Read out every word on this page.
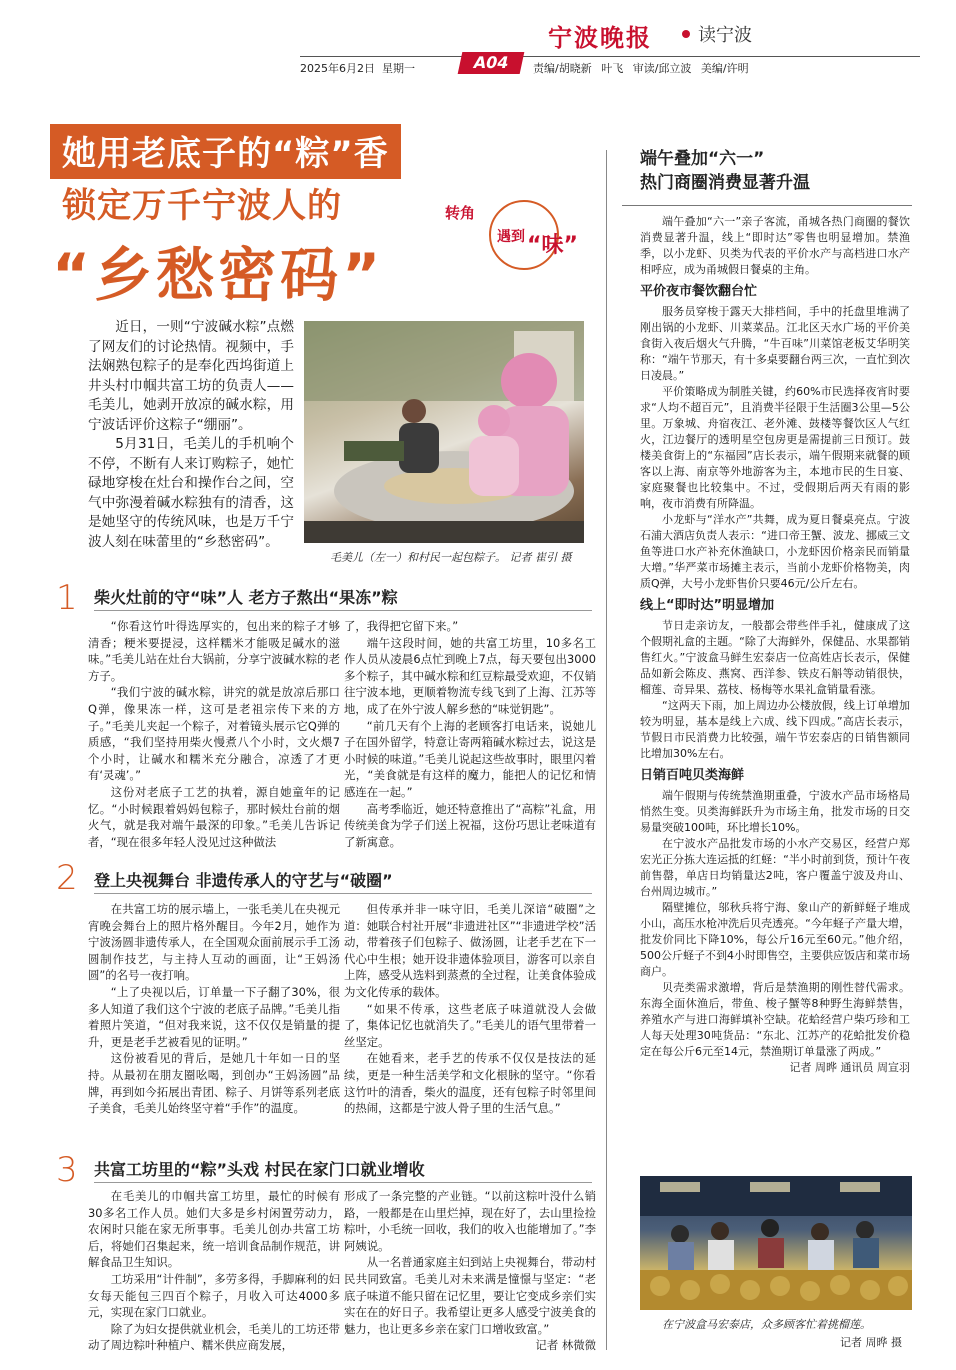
宁波晚报	读宁波
2025年6月2日 星期一	A04	责编/胡晓新 叶飞 审读/邱立波 美编/许明
她用老底子的“粽”香
锁定万千宁波人的
“乡愁密码”
转角
遇到 “味”

近日，一则“宁波碱水粽”点燃了网友们的讨论热情。视频中，手法娴熟包粽子的是奉化西坞街道上井头村巾帼共富工坊的负责人——毛美儿，她剥开放凉的碱水粽，用宁波话评价这粽子“绷丽”。

5月31日，毛美儿的手机响个不停，不断有人来订购粽子，她忙碌地穿梭在灶台和操作台之间，空气中弥漫着碱水粽独有的清香，这是她坚守的传统风味，也是万千宁波人刻在味蕾里的“乡愁密码”。

毛美儿（左一）和村民一起包粽子。 记者 崔引 摄
1 柴火灶前的守“味”人 老方子熬出“果冻”粽

“你看这竹叶得选厚实的，包出来的粽子才够清香；粳米要提浸，这样糯米才能吸足碱水的滋味。”毛美儿站在灶台大锅前，分享宁波碱水粽的老方子。

“我们宁波的碱水粽，讲究的就是放凉后那口Q弹，像果冻一样，这可是老祖宗传下来的方子。”毛美儿夹起一个粽子，对着镜头展示它Q弹的质感，“我们坚持用柴火慢煮八个小时，文火煨7个小时，让碱水和糯米充分融合，凉透了才更有‘灵魂’。”

这份对老底子工艺的执着，源自她童年的记忆。“小时候跟着妈妈包粽子，那时候灶台前的烟火气，就是我对端午最深的印象。”毛美儿告诉记者，“现在很多年轻人没见过这种做法

了，我得把它留下来。”

端午这段时间，她的共富工坊里，10多名工作人员从凌晨6点忙到晚上7点，每天要包出3000多个粽子，其中碱水粽和红豆粽最受欢迎，不仅销往宁波本地，更顺着物流专线飞到了上海、江苏等地，成了在外宁波人解乡愁的“味觉钥匙”。

“前几天有个上海的老顾客打电话来，说她儿子在国外留学，特意让寄两箱碱水粽过去，说这是小时候的味道。”毛美儿说起这些故事时，眼里闪着光，“美食就是有这样的魔力，能把人的记忆和情感连在一起。”

高考季临近，她还特意推出了“高粽”礼盒，用传统美食为学子们送上祝福，这份巧思让老味道有了新寓意。

2 登上央视舞台 非遗传承人的守艺与“破圈”

在共富工坊的展示墙上，一张毛美儿在央视元宵晚会舞台上的照片格外醒目。今年2月，她作为宁波汤圆非遗传承人，在全国观众面前展示手工汤圆制作技艺，与主持人互动的画面，让“王妈汤圆”的名号一夜打响。

“上了央视以后，订单量一下子翻了30%，很多人知道了我们这个宁波的老底子品牌。”毛美儿指着照片笑道，“但对我来说，这不仅仅是销量的提升，更是老手艺被看见的证明。”

这份被看见的背后，是她几十年如一日的坚持。从最初在朋友圈吆喝，到创办“王妈汤圆”品牌，再到如今拓展出青团、粽子、月饼等系列老底子美食，毛美儿始终坚守着“手作”的温度。

但传承并非一味守旧，毛美儿深谙“破圈”之道：她联合村社开展“非遗进社区”“非遗进学校”活动，带着孩子们包粽子、做汤圆，让老手艺在下一代心中生根；她开设非遗体验项目，游客可以亲自上阵，感受从选料到蒸煮的全过程，让美食体验成为文化传承的载体。

“如果不传承，这些老底子味道就没人会做了，集体记忆也就消失了。”毛美儿的语气里带着一丝坚定。

在她看来，老手艺的传承不仅仅是技法的延续，更是一种生活美学和文化根脉的坚守。“你看这竹叶的清香，柴火的温度，还有包粽子时邻里间的热闹，这都是宁波人骨子里的生活气息。”

3 共富工坊里的“粽”头戏 村民在家门口就业增收

在毛美儿的巾帼共富工坊里，最忙的时候有30多名工作人员。她们大多是乡村闲置劳动力，农闲时只能在家无所事事。毛美儿创办共富工坊后，将她们召集起来，统一培训食品制作规范，讲解食品卫生知识。

工坊采用“计件制”，多劳多得，手脚麻利的妇女每天能包三四百个粽子，月收入可达4000多元，实现在家门口就业。

除了为妇女提供就业机会，毛美儿的工坊还带动了周边粽叶种植户、糯米供应商发展，

形成了一条完整的产业链。“以前这粽叶没什么销路，一般都是在山里烂掉，现在好了，去山里捡捡粽叶，小毛统一回收，我们的收入也能增加了。”李阿姨说。

从一名普通家庭主妇到站上央视舞台，带动村民共同致富。毛美儿对未来满是憧憬与坚定：“老底子味道不能只留在记忆里，要让它变成乡亲们实实在在的好日子。我希望让更多人感受宁波美食的魅力，也让更多乡亲在家门口增收致富。”

记者 林微微

端午叠加“六一”
热门商圈消费显著升温

端午叠加“六一”亲子客流，甬城各热门商圈的餐饮消费显著升温，线上“即时达”零售也明显增加。禁渔季，以小龙虾、贝类为代表的平价水产与高档进口水产相呼应，成为甬城假日餐桌的主角。

平价夜市餐饮翻台忙

服务员穿梭于露天大排档间，手中的托盘里堆满了刚出锅的小龙虾、川菜菜品。江北区天水广场的平价美食街入夜后烟火气升腾，“牛百味”川菜馆老板艾华明笑称：“端午节那天，有十多桌要翻台两三次，一直忙到次日凌晨。”

平价策略成为制胜关键，约60%市民选择夜宵时要求“人均不超百元”，且消费半径限于生活圈3公里—5公里。万象城、舟宿夜江、老外滩、鼓楼等餐饮区人气红火，江边餐厅的透明星空包房更是需提前三日预订。鼓楼美食街上的“东福园”店长表示，端午假期来就餐的顾客以上海、南京等外地游客为主，本地市民的生日宴、家庭聚餐也比较集中。不过，受假期后两天有雨的影响，夜市消费有所降温。

小龙虾与“洋水产”共舞，成为夏日餐桌亮点。宁波石浦大酒店负责人表示：“进口帝王蟹、波龙、挪威三文鱼等进口水产补充休渔缺口，小龙虾因价格亲民而销量大增。”华严菜市场摊主表示，当前小龙虾价格物美，肉质Q弹，大号小龙虾售价只要46元/公斤左右。

线上“即时达”明显增加

节日走亲访友，一般都会带些伴手礼，健康成了这个假期礼盒的主题。“除了大海鲜外，保健品、水果都销售红火。”宁波盒马鲜生宏泰店一位高姓店长表示，保健品如新会陈皮、燕窝、西洋参、铁皮石斛等动销很快，榴莲、奇异果、荔枝、杨梅等水果礼盒销量看涨。

“这两天下雨，加上周边办公楼放假，线上订单增加较为明显，基本是线上六成、线下四成。”高店长表示，节假日市民消费力比较强，端午节宏泰店的日销售额同比增加30%左右。

日销百吨贝类海鲜

端午假期与传统禁渔期重叠，宁波水产品市场格局悄然生变。贝类海鲜跃升为市场主角，批发市场的日交易量突破100吨，环比增长10%。

在宁波水产品批发市场的小水产交易区，经营户郑宏光正分拣大连运抵的红蛏：“半小时前到货，预计午夜前售罄，单店日均销量达2吨，客户覆盖宁波及舟山、台州周边城市。”

隔壁摊位，邬秋兵将宁海、象山产的新鲜蛏子堆成小山，高压水枪冲洗后贝壳透亮。“今年蛏子产量大增，批发价同比下降10%，每公斤16元至60元。”他介绍，500公斤蛏子不到4小时即售空，主要供应饭店和菜市场商户。

贝壳类需求激增，背后是禁渔期的刚性替代需求。东海全面休渔后，带鱼、梭子蟹等8种野生海鲜禁售，养殖水产与进口海鲜填补空缺。花蛤经营户柴巧珍和工人每天处理30吨货品：“东北、江苏产的花蛤批发价稳定在每公斤6元至14元，禁渔期订单量涨了两成。”

记者 周晔 通讯员 周宣羽

在宁波盒马宏泰店，众多顾客忙着挑榴莲。
记者 周晔 摄
